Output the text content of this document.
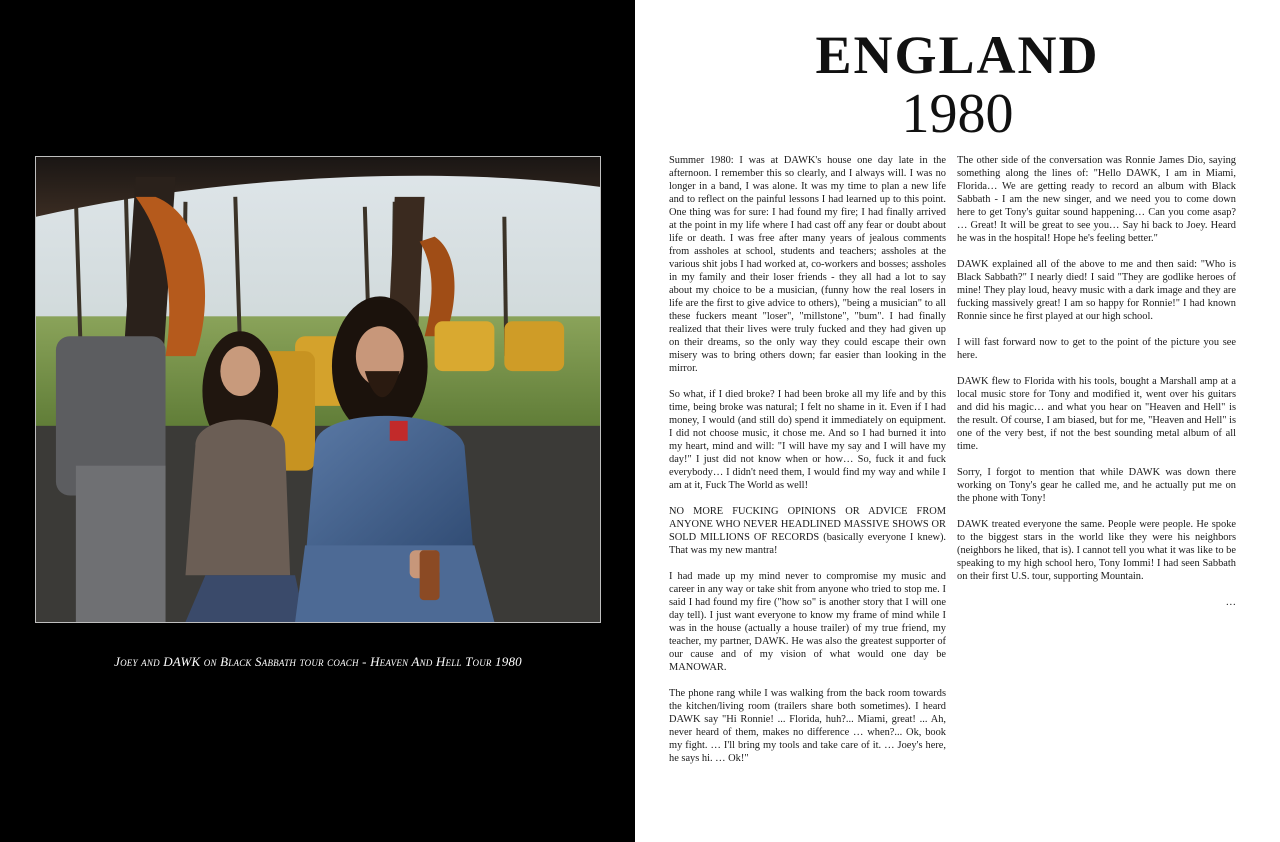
Joey and DAWK on Black Sabbath tour coach - Heaven And Hell Tour 1980
ENGLAND
1980

Summer 1980: I was at DAWK's house one day late in the afternoon. I remember this so clearly, and I always will. I was no longer in a band, I was alone. It was my time to plan a new life and to reflect on the painful lessons I had learned up to this point. One thing was for sure: I had found my fire; I had finally arrived at the point in my life where I had cast off any fear or doubt about life or death. I was free after many years of jealous comments from assholes at school, students and teachers; assholes at the various shit jobs I had worked at, co-workers and bosses; assholes in my family and their loser friends - they all had a lot to say about my choice to be a musician, (funny how the real losers in life are the first to give advice to others), "being a musician" to all these fuckers meant "loser", "millstone", "bum". I had finally realized that their lives were truly fucked and they had given up on their dreams, so the only way they could escape their own misery was to bring others down; far easier than looking in the mirror.

So what, if I died broke? I had been broke all my life and by this time, being broke was natural; I felt no shame in it. Even if I had money, I would (and still do) spend it immediately on equipment. I did not choose music, it chose me. And so I had burned it into my heart, mind and will: "I will have my say and I will have my day!" I just did not know when or how… So, fuck it and fuck everybody… I didn't need them, I would find my way and while I am at it, Fuck The World as well!

NO MORE FUCKING OPINIONS OR ADVICE FROM ANYONE WHO NEVER HEADLINED MASSIVE SHOWS OR SOLD MILLIONS OF RECORDS (basically everyone I knew). That was my new mantra!

I had made up my mind never to compromise my music and career in any way or take shit from anyone who tried to stop me. I said I had found my fire ("how so" is another story that I will one day tell). I just want everyone to know my frame of mind while I was in the house (actually a house trailer) of my true friend, my teacher, my partner, DAWK. He was also the greatest supporter of our cause and of my vision of what would one day be MANOWAR.

The phone rang while I was walking from the back room towards the kitchen/living room (trailers share both sometimes). I heard DAWK say "Hi Ronnie! ... Florida, huh?... Miami, great! ... Ah, never heard of them, makes no difference … when?... Ok, book my fight. … I'll bring my tools and take care of it. … Joey's here, he says hi. … Ok!"

The other side of the conversation was Ronnie James Dio, saying something along the lines of: "Hello DAWK, I am in Miami, Florida… We are getting ready to record an album with Black Sabbath - I am the new singer, and we need you to come down here to get Tony's guitar sound happening… Can you come asap? … Great! It will be great to see you… Say hi back to Joey. Heard he was in the hospital! Hope he's feeling better."

DAWK explained all of the above to me and then said: "Who is Black Sabbath?" I nearly died! I said "They are godlike heroes of mine! They play loud, heavy music with a dark image and they are fucking massively great! I am so happy for Ronnie!" I had known Ronnie since he first played at our high school.

I will fast forward now to get to the point of the picture you see here.

DAWK flew to Florida with his tools, bought a Marshall amp at a local music store for Tony and modified it, went over his guitars and did his magic… and what you hear on "Heaven and Hell" is the result. Of course, I am biased, but for me, "Heaven and Hell" is one of the very best, if not the best sounding metal album of all time.

Sorry, I forgot to mention that while DAWK was down there working on Tony's gear he called me, and he actually put me on the phone with Tony!

DAWK treated everyone the same. People were people. He spoke to the biggest stars in the world like they were his neighbors (neighbors he liked, that is). I cannot tell you what it was like to be speaking to my high school hero, Tony Iommi! I had seen Sabbath on their first U.S. tour, supporting Mountain.

…

EXTRACT FROM "THE BLOOD OF THE KINGS VOL. I" (C) 2019 MAGIC CIRCLE ENTERTAINMENT
